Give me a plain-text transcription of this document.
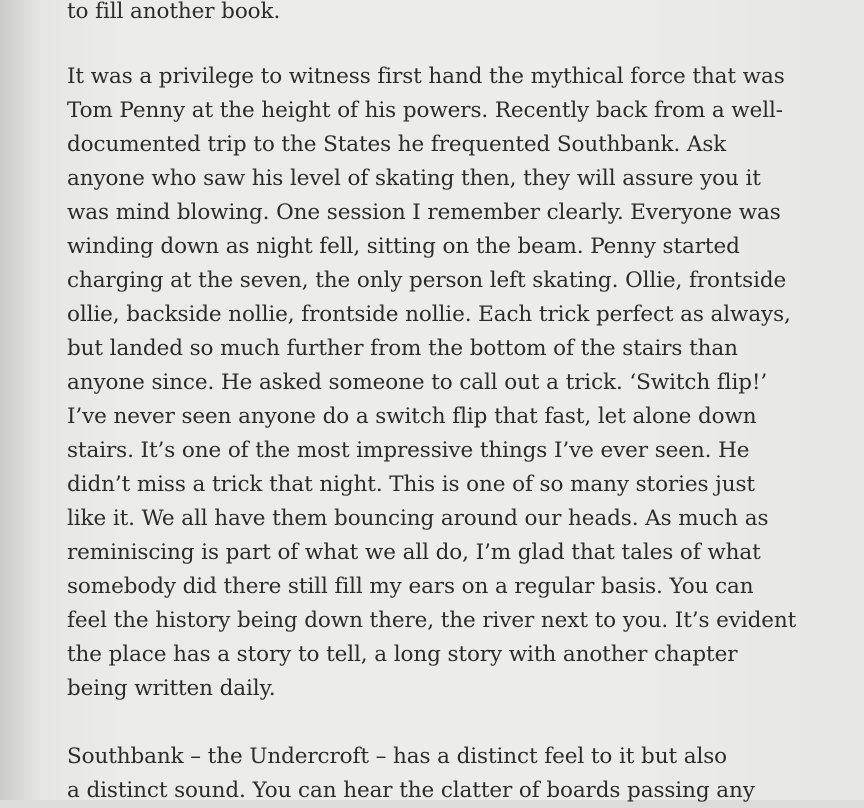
to fill another book.

It was a privilege to witness first hand the mythical force that was

Tom Penny at the height of his powers. Recently back from a well-

documented trip to the States he frequented Southbank. Ask

anyone who saw his level of skating then, they will assure you it

was mind blowing. One session I remember clearly. Everyone was

winding down as night fell, sitting on the beam. Penny started

charging at the seven, the only person left skating. Ollie, frontside

ollie, backside nollie, frontside nollie. Each trick perfect as always,

but landed so much further from the bottom of the stairs than

anyone since. He asked someone to call out a trick. ‘Switch flip!’

I’ve never seen anyone do a switch flip that fast, let alone down

stairs. It’s one of the most impressive things I’ve ever seen. He

didn’t miss a trick that night. This is one of so many stories just

like it. We all have them bouncing around our heads. As much as

reminiscing is part of what we all do, I’m glad that tales of what

somebody did there still fill my ears on a regular basis. You can

feel the history being down there, the river next to you. It’s evident

the place has a story to tell, a long story with another chapter

being written daily.

Southbank – the Undercroft – has a distinct feel to it but also

a distinct sound. You can hear the clatter of boards passing any
